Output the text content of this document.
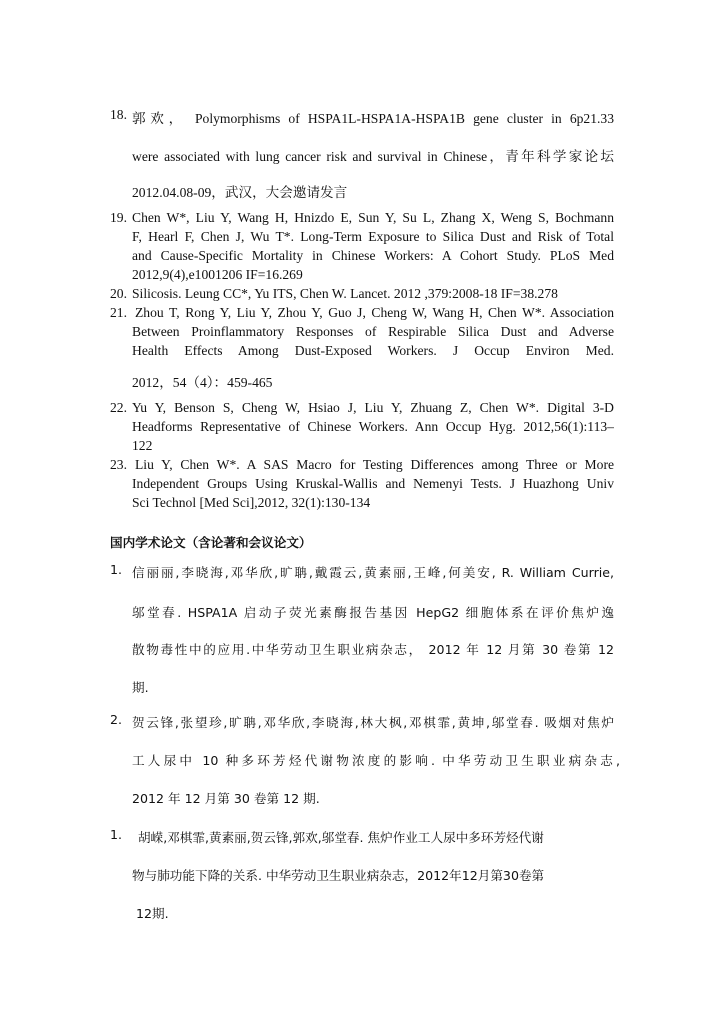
18. 郭欢， Polymorphisms of HSPA1L-HSPA1A-HSPA1B gene cluster in 6p21.33
were associated with lung cancer risk and survival in Chinese，青年科学家论坛
2012.04.08-09，武汉，大会邀请发言
19. Chen W*, Liu Y, Wang H, Hnizdo E, Sun Y, Su L, Zhang X, Weng S, Bochmann
F, Hearl F, Chen J, Wu T*. Long-Term Exposure to Silica Dust and Risk of Total
and Cause-Specific Mortality in Chinese Workers: A Cohort Study. PLoS Med
2012,9(4),e1001206 IF=16.269
20. Silicosis. Leung CC*, Yu ITS, Chen W. Lancet. 2012 ,379:2008-18 IF=38.278
21. Zhou T, Rong Y, Liu Y, Zhou Y, Guo J, Cheng W, Wang H, Chen W*. Association
Between Proinflammatory Responses of Respirable Silica Dust and Adverse
Health Effects Among Dust-Exposed Workers. J Occup Environ Med.
2012，54（4）：459-465
22. Yu Y, Benson S, Cheng W, Hsiao J, Liu Y, Zhuang Z, Chen W*. Digital 3-D
Headforms Representative of Chinese Workers. Ann Occup Hyg. 2012,56(1):113–
122
23. Liu Y, Chen W*. A SAS Macro for Testing Differences among Three or More
Independent Groups Using Kruskal-Wallis and Nemenyi Tests. J Huazhong Univ
Sci Technol [Med Sci],2012, 32(1):130-134
国内学术论文（含论著和会议论文）
1. 信丽丽,李晓海,邓华欣,旷聃,戴霞云,黄素丽,王峰,何美安, R. William Currie,
邬堂春. HSPA1A 启动子荧光素酶报告基因 HepG2 细胞体系在评价焦炉逸
散物毒性中的应用.中华劳动卫生职业病杂志， 2012 年 12 月第 30 卷第 12
期.
2. 贺云锋,张望珍,旷聃,邓华欣,李晓海,林大枫,邓棋霏,黄坤,邬堂春. 吸烟对焦炉
工人尿中 10 种多环芳烃代谢物浓度的影响. 中华劳动卫生职业病杂志,
2012 年 12 月第 30 卷第 12 期.
1. 胡嵘,邓棋霏,黄素丽,贺云锋,郭欢,邬堂春. 焦炉作业工人尿中多环芳烃代谢
物与肺功能下降的关系. 中华劳动卫生职业病杂志，2012年12月第30卷第
12期.
